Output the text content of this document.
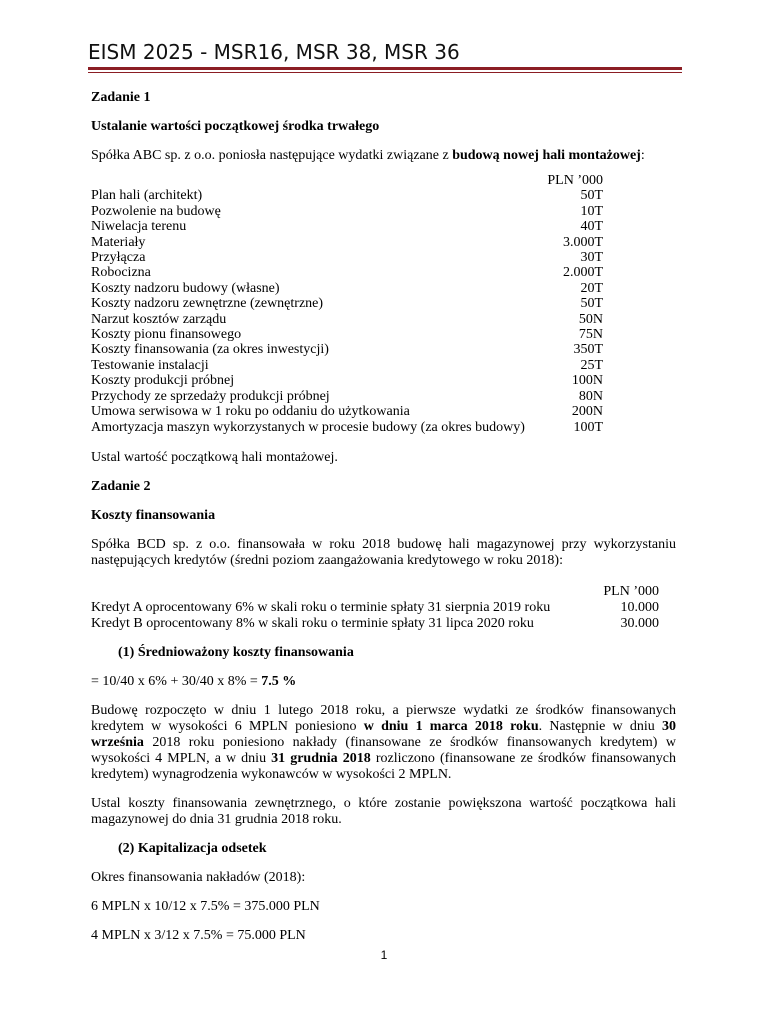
EISM 2025 - MSR16, MSR 38, MSR 36

Zadanie 1

Ustalanie wartości początkowej środka trwałego

Spółka ABC sp. z o.o. poniosła następujące wydatki związane z budową nowej hali montażowej:

	PLN ’000
Plan hali (architekt)	50T
Pozwolenie na budowę	10T
Niwelacja terenu	40T
Materiały	3.000T
Przyłącza	30T
Robocizna	2.000T
Koszty nadzoru budowy (własne)	20T
Koszty nadzoru zewnętrzne (zewnętrzne)	50T
Narzut kosztów zarządu	50N
Koszty pionu finansowego	75N
Koszty finansowania (za okres inwestycji)	350T
Testowanie instalacji	25T
Koszty produkcji próbnej	100N
Przychody ze sprzedaży produkcji próbnej	80N
Umowa serwisowa w 1 roku po oddaniu do użytkowania	200N
Amortyzacja maszyn wykorzystanych w procesie budowy (za okres budowy)	100T

Ustal wartość początkową hali montażowej.

Zadanie 2

Koszty finansowania

Spółka BCD sp. z o.o. finansowała w roku 2018 budowę hali magazynowej przy wykorzystaniu następujących kredytów (średni poziom zaangażowania kredytowego w roku 2018):

	PLN ’000
Kredyt A oprocentowany 6% w skali roku o terminie spłaty 31 sierpnia 2019 roku	10.000
Kredyt B oprocentowany 8% w skali roku o terminie spłaty 31 lipca 2020 roku	30.000

(1) Średnioważony koszty finansowania

= 10/40 x 6% + 30/40 x 8% = 7.5 %

Budowę rozpoczęto w dniu 1 lutego 2018 roku, a pierwsze wydatki ze środków finansowanych kredytem w wysokości 6 MPLN poniesiono w dniu 1 marca 2018 roku. Następnie w dniu 30 września 2018 roku poniesiono nakłady (finansowane ze środków finansowanych kredytem) w wysokości 4 MPLN, a w dniu 31 grudnia 2018 rozliczono (finansowane ze środków finansowanych kredytem) wynagrodzenia wykonawców w wysokości 2 MPLN.

Ustal koszty finansowania zewnętrznego, o które zostanie powiększona wartość początkowa hali magazynowej do dnia 31 grudnia 2018 roku.

(2) Kapitalizacja odsetek

Okres finansowania nakładów (2018):

6 MPLN x 10/12 x 7.5% = 375.000 PLN

4 MPLN x 3/12 x 7.5% = 75.000 PLN

1
